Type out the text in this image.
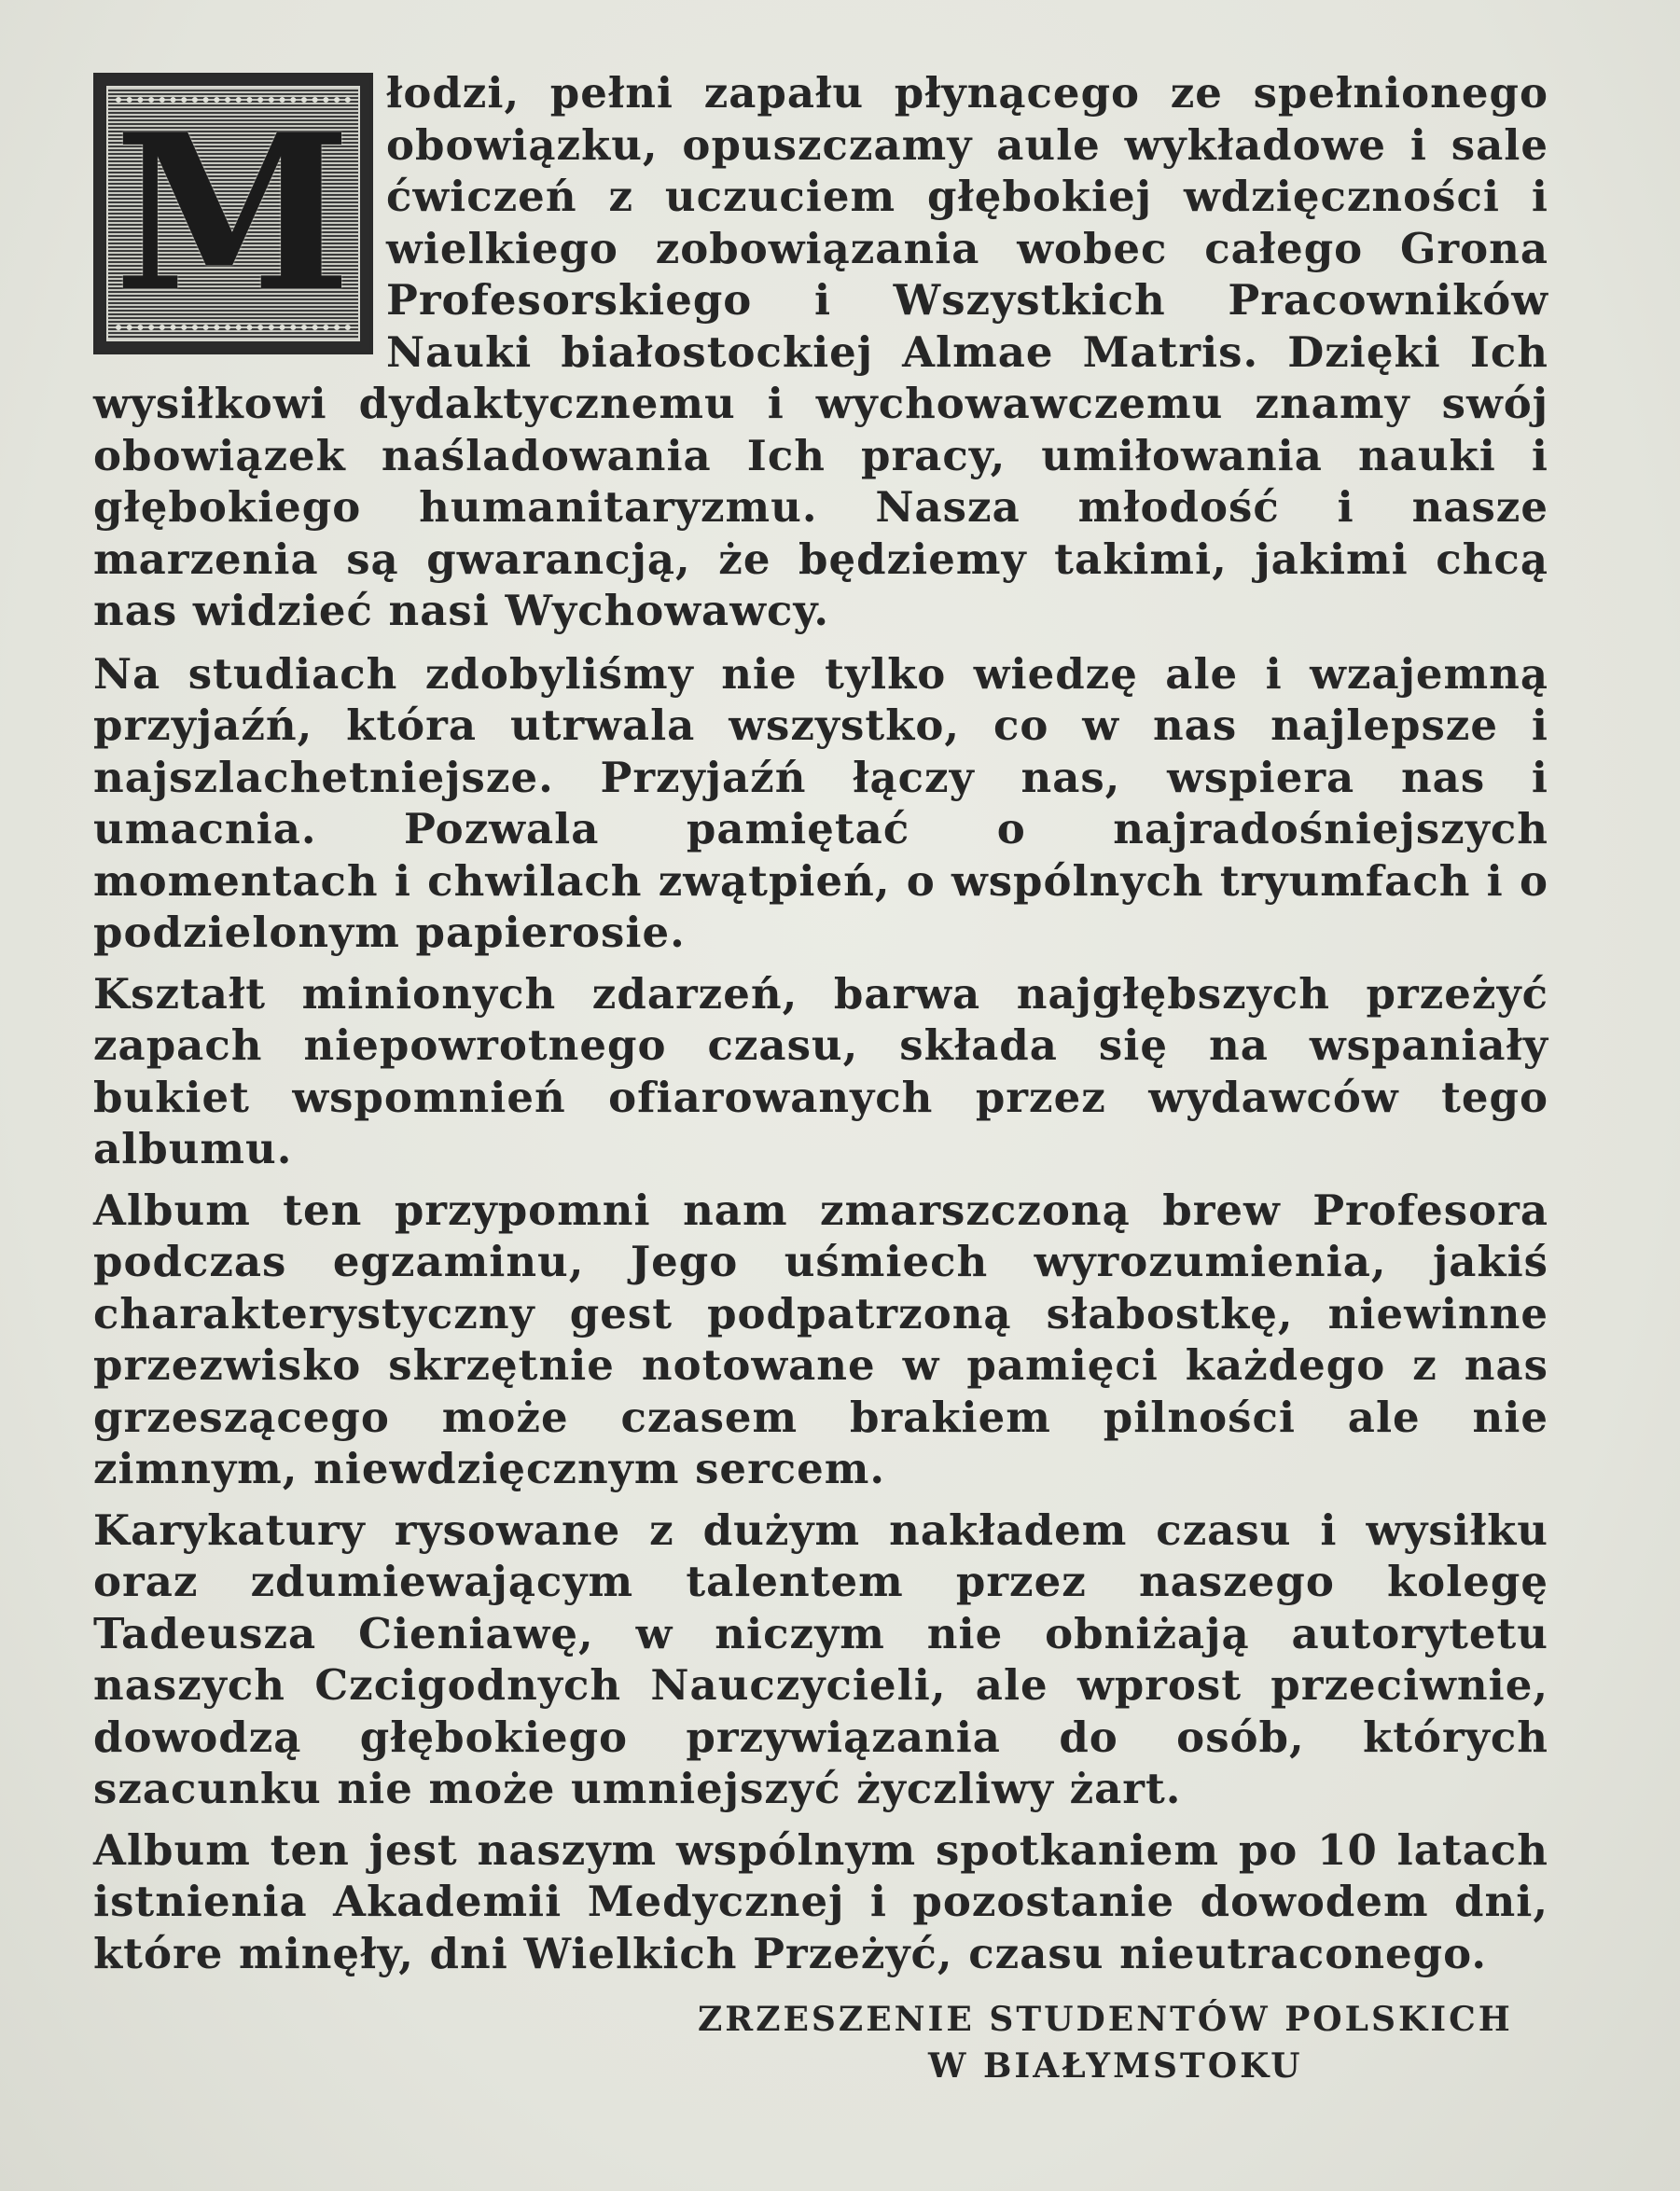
M łodzi, pełni zapału płynącego ze spełnionego obowiązku, opuszczamy aule wykładowe i sale ćwiczeń z uczuciem głębokiej wdzięczności i wielkiego zobowiązania wobec całego Grona Profesorskiego i Wszystkich Pracowników Nauki białostockiej Almae Matris. Dzięki Ich wysiłkowi dydaktycznemu i wychowawczemu znamy swój obowiązek naśladowania Ich pracy, umiłowania nauki i głębokiego humanitaryzmu. Nasza młodość i nasze marzenia są gwarancją, że będziemy takimi, jakimi chcą nas widzieć nasi Wychowawcy.

Na studiach zdobyliśmy nie tylko wiedzę ale i wzajemną przyjaźń, która utrwala wszystko, co w nas najlepsze i najszlachetniejsze. Przyjaźń łączy nas, wspiera nas i umacnia. Pozwala pamiętać o najradośniejszych momentach i chwilach zwątpień, o wspólnych tryumfach i o podzielonym papierosie.

Kształt minionych zdarzeń, barwa najgłębszych przeżyć zapach niepowrotnego czasu, składa się na wspaniały bukiet wspomnień ofiarowanych przez wydawców tego albumu.

Album ten przypomni nam zmarszczoną brew Profesora podczas egzaminu, Jego uśmiech wyrozumienia, jakiś charakterystyczny gest podpatrzoną słabostkę, niewinne przezwisko skrzętnie notowane w pamięci każdego z nas grzeszącego może czasem brakiem pilności ale nie zimnym, niewdzięcznym sercem.

Karykatury rysowane z dużym nakładem czasu i wysiłku oraz zdumiewającym talentem przez naszego kolegę Tadeusza Cieniawę, w niczym nie obniżają autorytetu naszych Czcigodnych Nauczycieli, ale wprost przeciwnie, dowodzą głębokiego przywiązania do osób, których szacunku nie może umniejszyć życzliwy żart.

Album ten jest naszym wspólnym spotkaniem po 10 latach istnienia Akademii Medycznej i pozostanie dowodem dni, które minęły, dni Wielkich Przeżyć, czasu nieutraconego.

ZRZESZENIE STUDENTÓW POLSKICH
W BIAŁYMSTOKU
